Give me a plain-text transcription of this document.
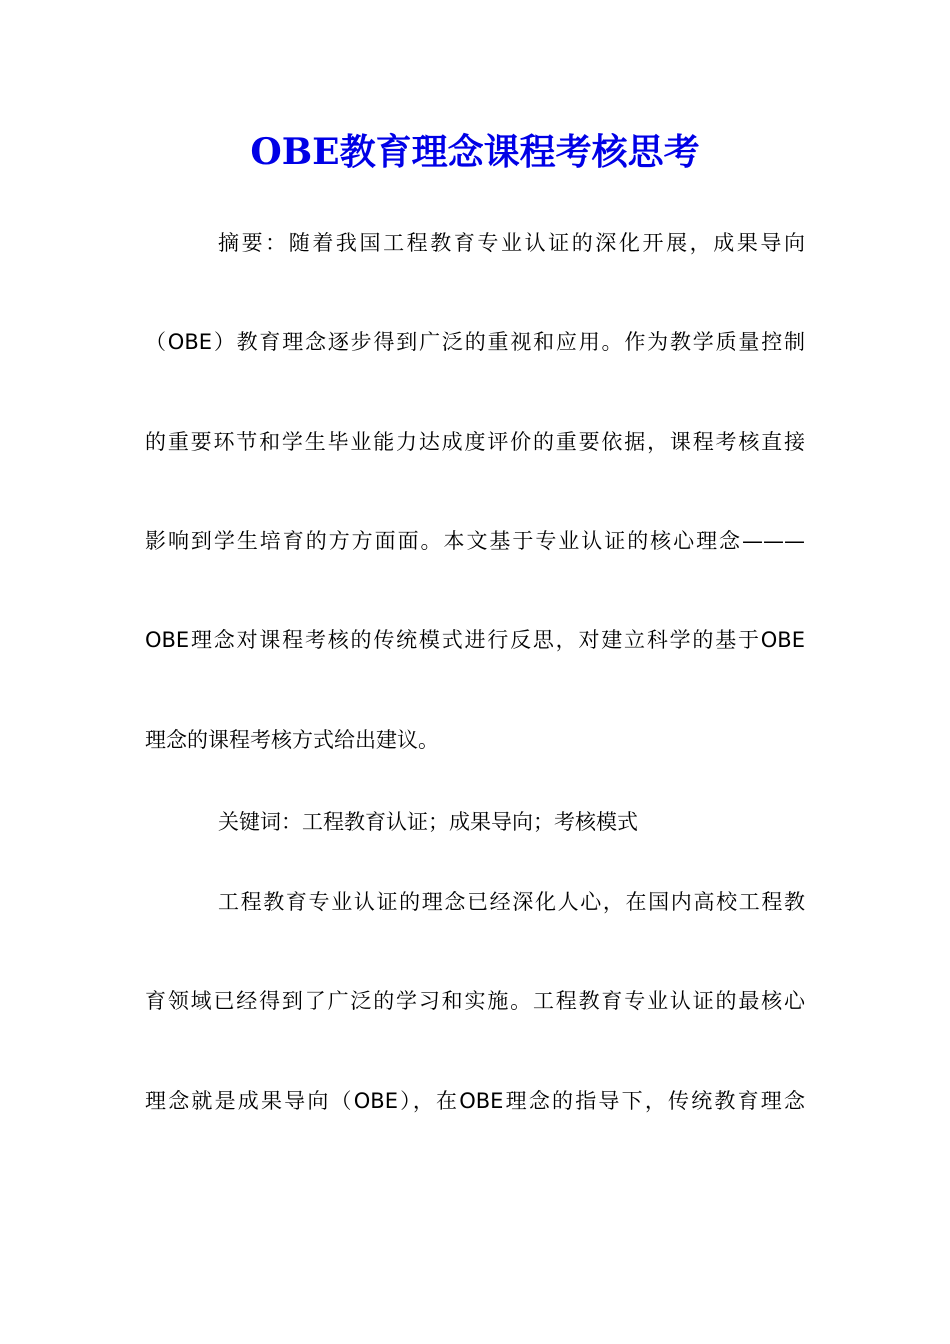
OBE教育理念课程考核思考
摘要：随着我国工程教育专业认证的深化开展，成果导向
（OBE）教育理念逐步得到广泛的重视和应用。作为教学质量控制
的重要环节和学生毕业能力达成度评价的重要依据，课程考核直接
影响到学生培育的方方面面。本文基于专业认证的核心理念———
OBE理念对课程考核的传统模式进行反思，对建立科学的基于OBE
理念的课程考核方式给出建议。
关键词：工程教育认证；成果导向；考核模式
工程教育专业认证的理念已经深化人心，在国内高校工程教
育领域已经得到了广泛的学习和实施。工程教育专业认证的最核心
理念就是成果导向（OBE），在OBE理念的指导下，传统教育理念
